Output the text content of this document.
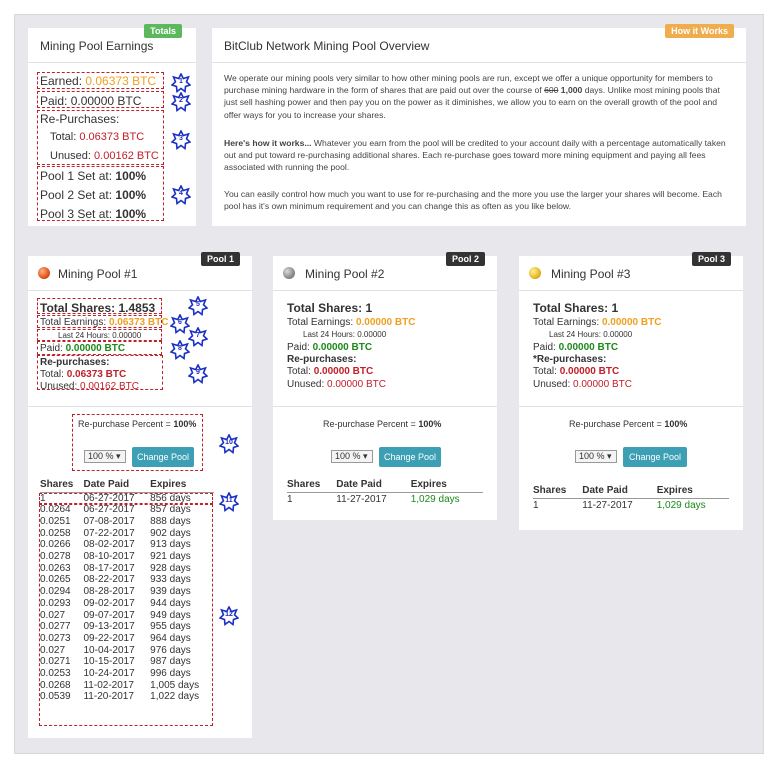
Totals
Mining Pool Earnings
Earned: 0.06373 BTC
Paid: 0.00000 BTC
Re-Purchases:
Total: 0.06373 BTC
Unused: 0.00162 BTC
Pool 1 Set at: 100%
Pool 2 Set at: 100%
Pool 3 Set at: 100%
How it Works
BitClub Network Mining Pool Overview
We operate our mining pools very similar to how other mining pools are run, except we offer a unique opportunity for members to purchase mining hardware in the form of shares that are paid out over the course of 600 1,000 days. Unlike most mining pools that just sell hashing power and then pay you on the power as it diminishes, we allow you to earn on the overall growth of the pool and offer ways for you to increase your shares.
Here's how it works... Whatever you earn from the pool will be credited to your account daily with a percentage automatically taken out and put toward re-purchasing additional shares. Each re-purchase goes toward more mining equipment and paying all fees associated with running the pool.
You can easily control how much you want to use for re-purchasing and the more you use the larger your shares will become. Each pool has it's own minimum requirement and you can change this as often as you like below.
Pool 1
Mining Pool #1
Total Shares: 1.4853
Total Earnings: 0.06373 BTC
Last 24 Hours: 0.00000
Paid: 0.00000 BTC
Re-purchases:
Total: 0.06373 BTC
Unused: 0.00162 BTC
Re-purchase Percent = 100%
100 % ▾	Change Pool
Shares	Date Paid	Expires
1	06-27-2017	856 days
0.0264	06-27-2017	857 days
0.0251	07-08-2017	888 days
0.0258	07-22-2017	902 days
0.0266	08-02-2017	913 days
0.0278	08-10-2017	921 days
0.0263	08-17-2017	928 days
0.0265	08-22-2017	933 days
0.0294	08-28-2017	939 days
0.0293	09-02-2017	944 days
0.027	09-07-2017	949 days
0.0277	09-13-2017	955 days
0.0273	09-22-2017	964 days
0.027	10-04-2017	976 days
0.0271	10-15-2017	987 days
0.0253	10-24-2017	996 days
0.0268	11-02-2017	1,005 days
0.0539	11-20-2017	1,022 days
Pool 2
Mining Pool #2
Total Shares: 1
Total Earnings: 0.00000 BTC
Last 24 Hours: 0.00000
Paid: 0.00000 BTC
Re-purchases:
Total: 0.00000 BTC
Unused: 0.00000 BTC
Re-purchase Percent = 100%
100 % ▾	Change Pool
Shares	Date Paid	Expires
1	11-27-2017	1,029 days
Pool 3
Mining Pool #3
Total Shares: 1
Total Earnings: 0.00000 BTC
Last 24 Hours: 0.00000
Paid: 0.00000 BTC
*Re-purchases:
Total: 0.00000 BTC
Unused: 0.00000 BTC
Re-purchase Percent = 100%
100 % ▾	Change Pool
Shares	Date Paid	Expires
1	11-27-2017	1,029 days
1
2
3
4
5
6
7
8
9
10
11
12
